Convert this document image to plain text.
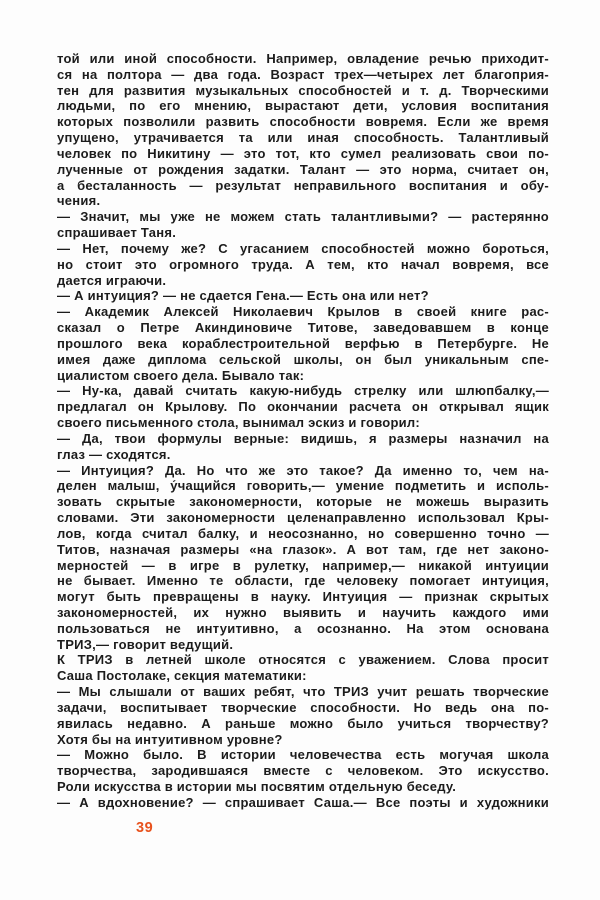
той или иной способности. Например, овладение речью приходит-
ся на полтора — два года. Возраст трех—четырех лет благоприя-
тен для развития музыкальных способностей и т. д. Творческими
людьми, по его мнению, вырастают дети, условия воспитания
которых позволили развить способности вовремя. Если же время
упущено, утрачивается та или иная способность. Талантливый
человек по Никитину — это тот, кто сумел реализовать свои по-
лученные от рождения задатки. Талант — это норма, считает он,
а бесталанность — результат неправильного воспитания и обу-
чения.
— Значит, мы уже не можем стать талантливыми? — растерянно
спрашивает Таня.
— Нет, почему же? С угасанием способностей можно бороться,
но стоит это огромного труда. А тем, кто начал вовремя, все
дается играючи.
— А интуиция? — не сдается Гена.— Есть она или нет?
— Академик Алексей Николаевич Крылов в своей книге рас-
сказал о Петре Акиндиновиче Титове, заведовавшем в конце
прошлого века кораблестроительной верфью в Петербурге. Не
имея даже диплома сельской школы, он был уникальным спе-
циалистом своего дела. Бывало так:
— Ну-ка, давай считать какую-нибудь стрелку или шлюпбалку,—
предлагал он Крылову. По окончании расчета он открывал ящик
своего письменного стола, вынимал эскиз и говорил:
— Да, твои формулы верные: видишь, я размеры назначил на
глаз — сходятся.
— Интуиция? Да. Но что же это такое? Да именно то, чем на-
делен малыш, у́чащийся говорить,— умение подметить и исполь-
зовать скрытые закономерности, которые не можешь выразить
словами. Эти закономерности целенаправленно использовал Кры-
лов, когда считал балку, и неосознанно, но совершенно точно —
Титов, назначая размеры «на глазок». А вот там, где нет законо-
мерностей — в игре в рулетку, например,— никакой интуиции
не бывает. Именно те области, где человеку помогает интуиция,
могут быть превращены в науку. Интуиция — признак скрытых
закономерностей, их нужно выявить и научить каждого ими
пользоваться не интуитивно, а осознанно. На этом основана
ТРИЗ,— говорит ведущий.
К ТРИЗ в летней школе относятся с уважением. Слова просит
Саша Постолаке, секция математики:
— Мы слышали от ваших ребят, что ТРИЗ учит решать творческие
задачи, воспитывает творческие способности. Но ведь она по-
явилась недавно. А раньше можно было учиться творчеству?
Хотя бы на интуитивном уровне?
— Можно было. В истории человечества есть могучая школа
творчества, зародившаяся вместе с человеком. Это искусство.
Роли искусства в истории мы посвятим отдельную беседу.
— А вдохновение? — спрашивает Саша.— Все поэты и художники
39
